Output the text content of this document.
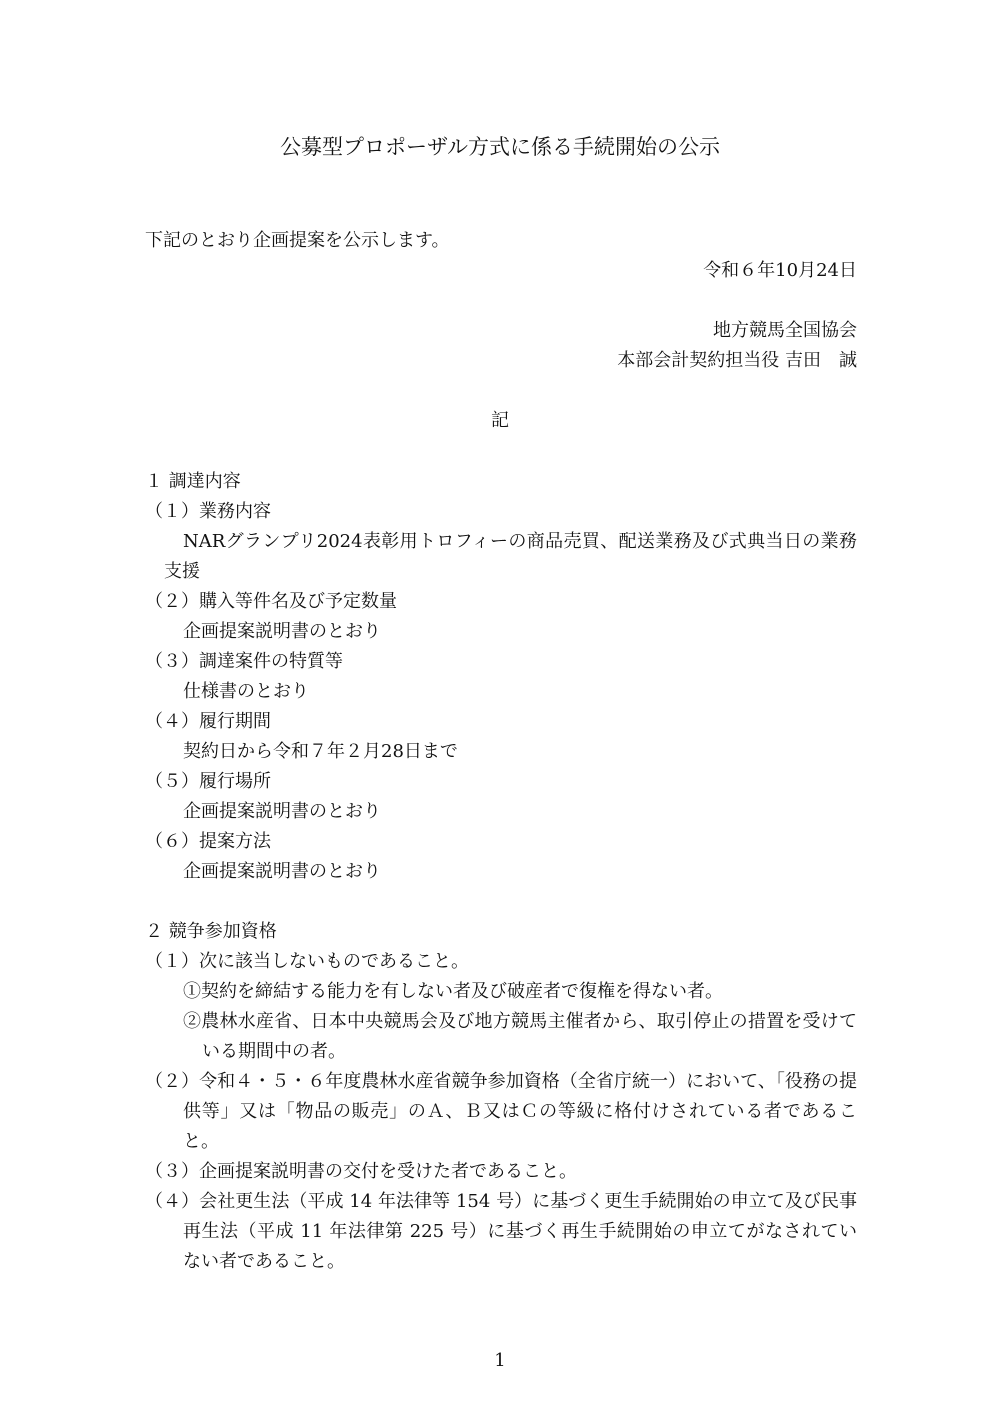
公募型プロポーザル方式に係る手続開始の公示
下記のとおり企画提案を公示します。
令和６年10月24日
地方競馬全国協会
本部会計契約担当役 吉田　誠
記
１ 調達内容
（１）業務内容
NARグランプリ2024表彰用トロフィーの商品売買、配送業務及び式典当日の業務支援
（２）購入等件名及び予定数量
企画提案説明書のとおり
（３）調達案件の特質等
仕様書のとおり
（４）履行期間
契約日から令和７年２月28日まで
（５）履行場所
企画提案説明書のとおり
（６）提案方法
企画提案説明書のとおり
２ 競争参加資格
（１）次に該当しないものであること。
①契約を締結する能力を有しない者及び破産者で復権を得ない者。
②農林水産省、日本中央競馬会及び地方競馬主催者から、取引停止の措置を受けている期間中の者。
（２）令和４・５・６年度農林水産省競争参加資格（全省庁統一）において、「役務の提供等」又は「物品の販売」のＡ、Ｂ又はＣの等級に格付けされている者であること。
（３）企画提案説明書の交付を受けた者であること。
（４）会社更生法（平成 14 年法律等 154 号）に基づく更生手続開始の申立て及び民事再生法（平成 11 年法律第 225 号）に基づく再生手続開始の申立てがなされていない者であること。
1
